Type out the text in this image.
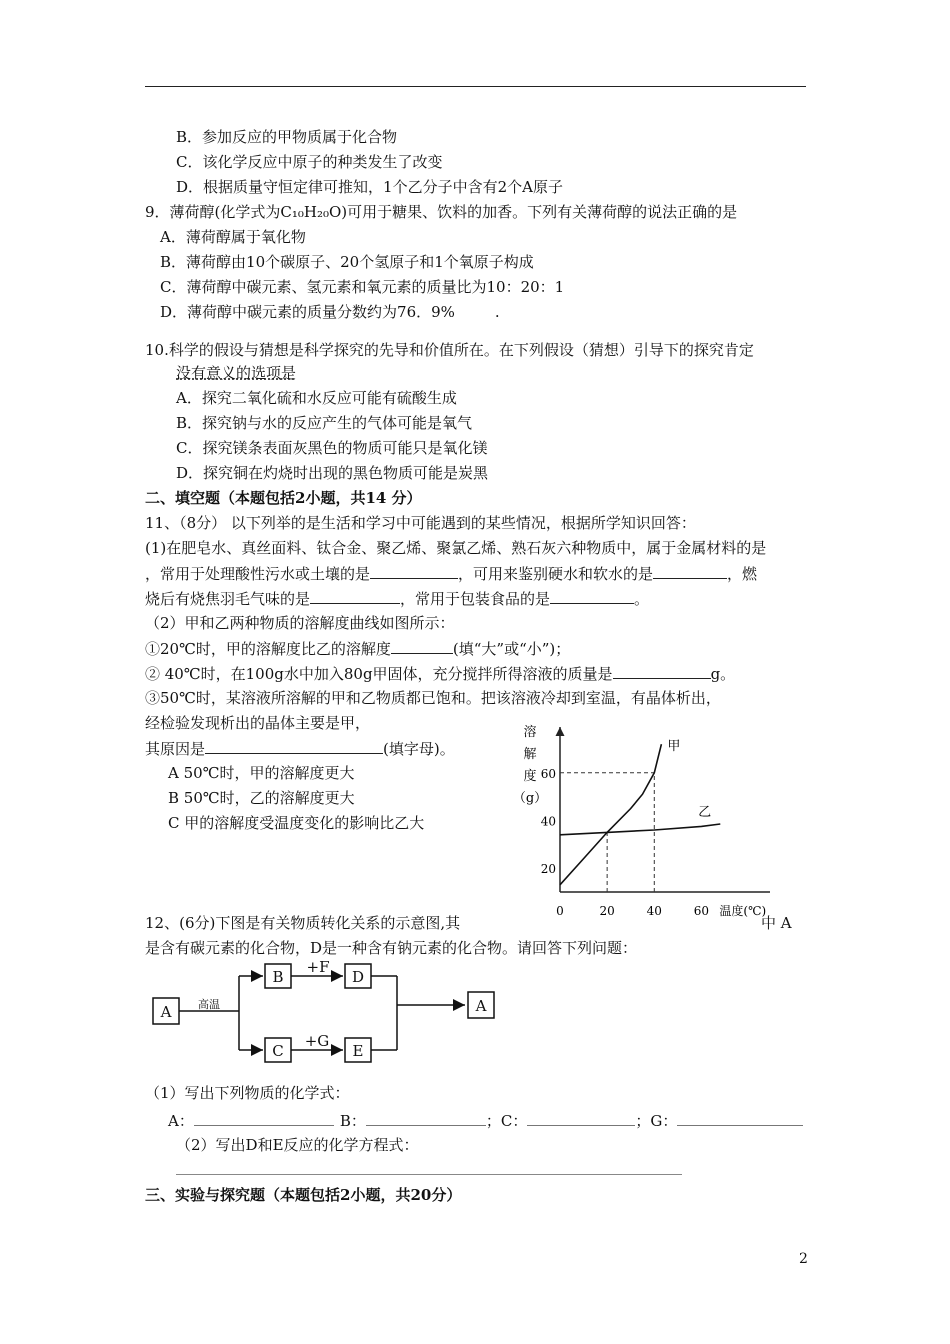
B．参加反应的甲物质属于化合物
C．该化学反应中原子的种类发生了改变
D．根据质量守恒定律可推知，1个乙分子中含有2个A原子
9．薄荷醇(化学式为C₁₀H₂₀O)可用于糖果、饮料的加香。下列有关薄荷醇的说法正确的是
A．薄荷醇属于氧化物
B．薄荷醇由10个碳原子、20个氢原子和1个氧原子构成
C．薄荷醇中碳元素、氢元素和氧元素的质量比为10：20：1
D．薄荷醇中碳元素的质量分数约为76．9%	.
10.科学的假设与猜想是科学探究的先导和价值所在。在下列假设（猜想）引导下的探究肯定
没有意义的选项是
A．探究二氧化硫和水反应可能有硫酸生成
B．探究钠与水的反应产生的气体可能是氧气
C．探究镁条表面灰黑色的物质可能只是氧化镁
D．探究铜在灼烧时出现的黑色物质可能是炭黑
二、填空题（本题包括2小题，共14 分）
11、（8分） 以下列举的是生活和学习中可能遇到的某些情况，根据所学知识回答：
(1)在肥皂水、真丝面料、钛合金、聚乙烯、聚氯乙烯、熟石灰六种物质中，属于金属材料的是
，常用于处理酸性污水或土壤的是	，可用来鉴别硬水和软水的是	，燃
烧后有烧焦羽毛气味的是	，常用于包装食品的是	。
（2）甲和乙两种物质的溶解度曲线如图所示：
①20℃时，甲的溶解度比乙的溶解度	(填“大”或“小”)；
② 40℃时，在100g水中加入80g甲固体，充分搅拌所得溶液的质量是	g。
③50℃时，某溶液所溶解的甲和乙物质都已饱和。把该溶液冷却到室温，有晶体析出，
经检验发现析出的晶体主要是甲，
其原因是	(填字母)。
A 50℃时，甲的溶解度更大
B 50℃时，乙的溶解度更大
C 甲的溶解度受温度变化的影响比乙大
20
40
60
0	20	40	60 温度(℃)
溶
解
度
（g）
甲
乙
12、(6分)下图是有关物质转化关系的示意图,其	中 A
是含有碳元素的化合物，D是一种含有钠元素的化合物。请回答下列问题：
A 高温
B
+F
D
C
+G
E
A
（1）写出下列物质的化学式：
A：	B：	；C：	；G：
（2）写出D和E反应的化学方程式：
三、实验与探究题（本题包括2小题，共20分）
2
